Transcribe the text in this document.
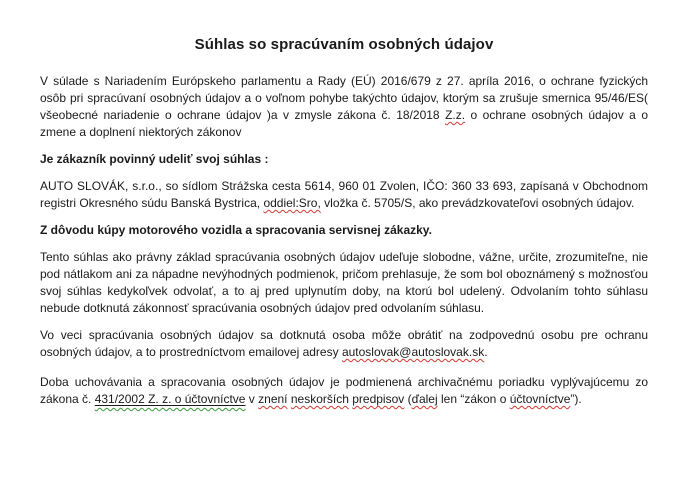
Súhlas so spracúvaním osobných údajov

V súlade s Nariadením Európskeho parlamentu a Rady (EÚ) 2016/679 z 27. apríla 2016, o ochrane fyzických osôb pri spracúvaní osobných údajov a o voľnom pohybe takýchto údajov, ktorým sa zrušuje smernica 95/46/ES( všeobecné nariadenie o ochrane údajov )a v zmysle zákona č. 18/2018 Z.z. o ochrane osobných údajov a o zmene a doplnení niektorých zákonov

Je zákazník povinný udeliť svoj súhlas :

AUTO SLOVÁK, s.r.o., so sídlom Strážska cesta 5614, 960 01 Zvolen, IČO: 360 33 693, zapísaná v Obchodnom registri Okresného súdu Banská Bystrica, oddiel:Sro, vložka č. 5705/S, ako prevádzkovateľovi osobných údajov.

Z dôvodu kúpy motorového vozidla a spracovania servisnej zákazky.

Tento súhlas ako právny základ spracúvania osobných údajov udeľuje slobodne, vážne, určite, zrozumiteľne, nie pod nátlakom ani za nápadne nevýhodných podmienok, pričom prehlasuje, že som bol oboznámený s možnosťou svoj súhlas kedykoľvek odvolať, a to aj pred uplynutím doby, na ktorú bol udelený. Odvolaním tohto súhlasu nebude dotknutá zákonnosť spracúvania osobných údajov pred odvolaním súhlasu.

Vo veci spracúvania osobných údajov sa dotknutá osoba môže obrátiť na zodpovednú osobu pre ochranu osobných údajov, a to prostredníctvom emailovej adresy autoslovak@autoslovak.sk.

Doba uchovávania a spracovania osobných údajov je podmienená archivačnému poriadku vyplývajúcemu zo zákona č. 431/2002 Z. z. o účtovníctve v znení neskorších predpisov (ďalej len “zákon o účtovníctve”).
